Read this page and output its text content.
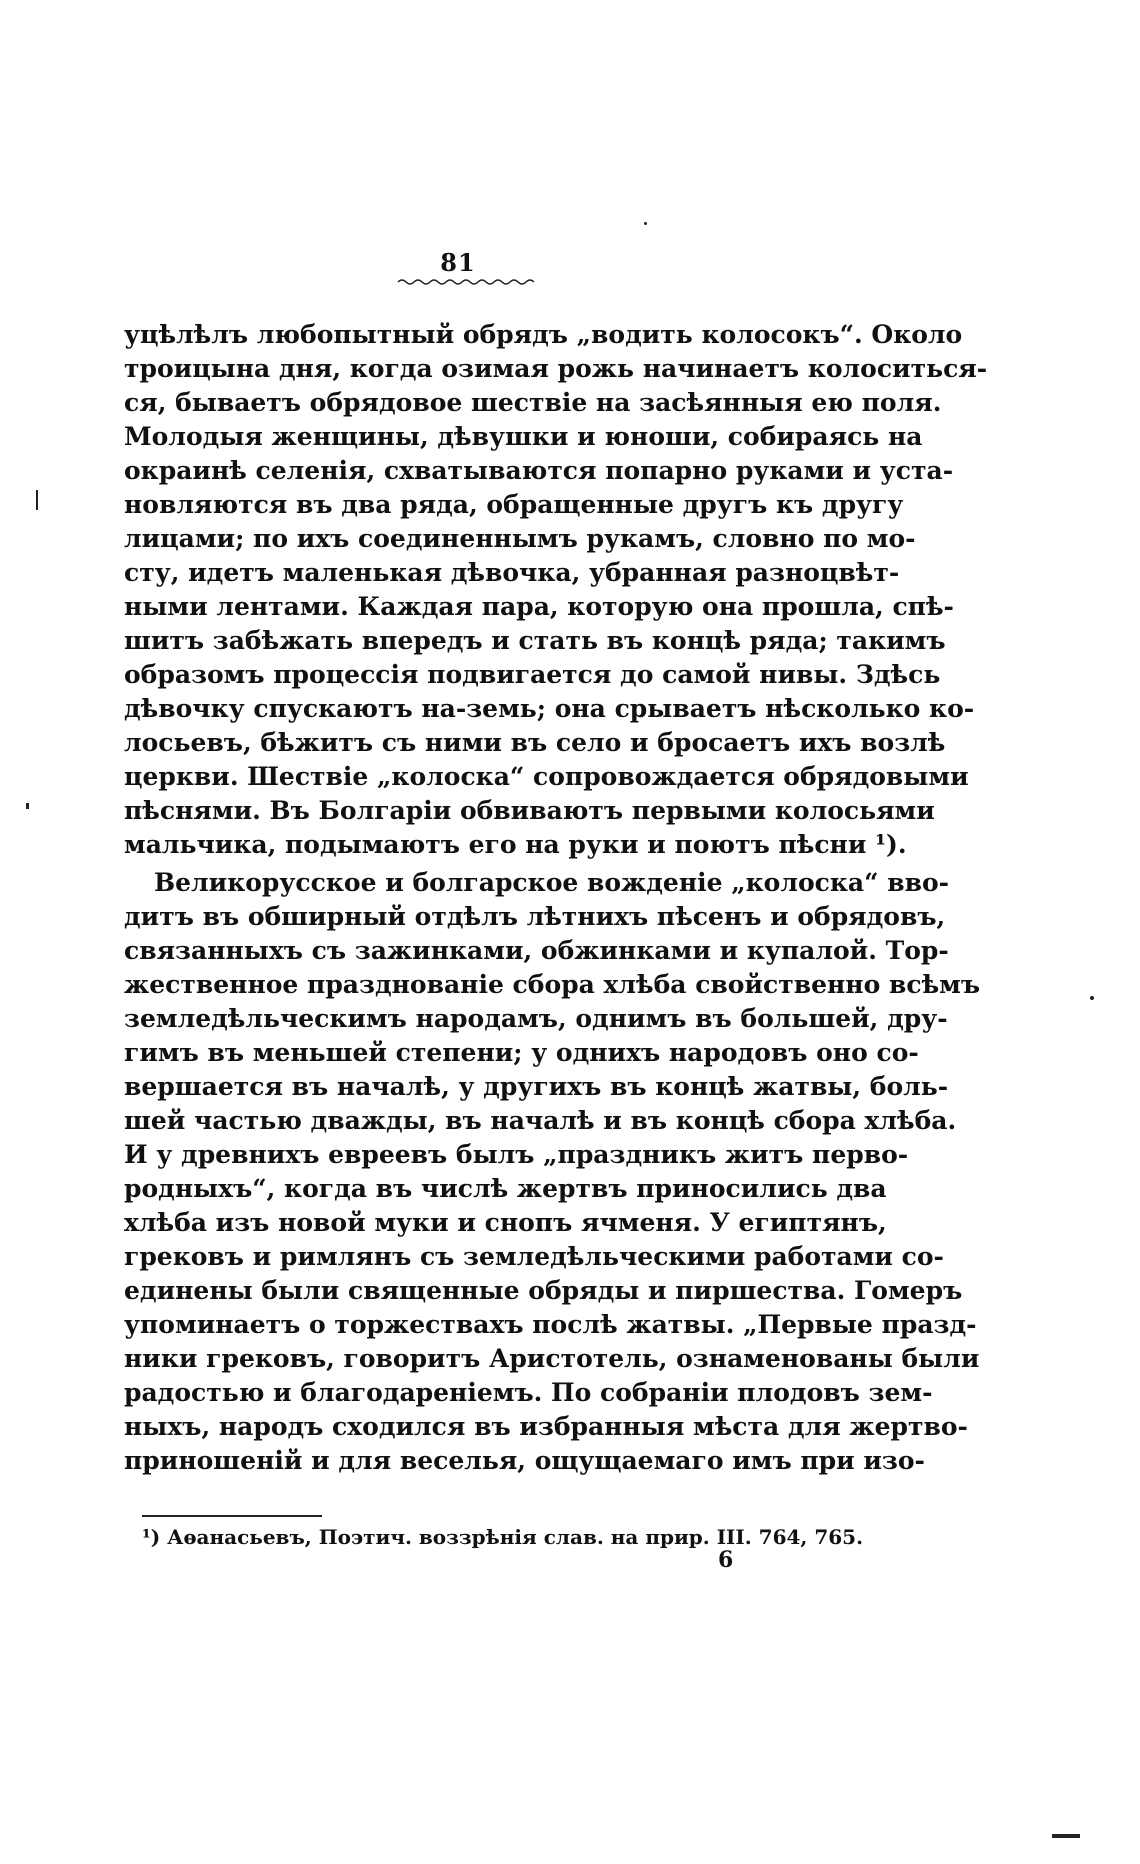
81
уцѣлѣлъ любопытный обрядъ „водить колосокъ“. Около
троицына дня, когда озимая рожь начинаетъ колоситься-
ся, бываетъ обрядовое шествіе на засѣянныя ею поля.
Молодыя женщины, дѣвушки и юноши, собираясь на
окраинѣ селенія, схватываются попарно руками и уста-
новляются въ два ряда, обращенные другъ къ другу
лицами; по ихъ соединеннымъ рукамъ, словно по мо-
сту, идетъ маленькая дѣвочка, убранная разноцвѣт-
ными лентами. Каждая пара, которую она прошла, спѣ-
шитъ забѣжать впередъ и стать въ концѣ ряда; такимъ
образомъ процессія подвигается до самой нивы. Здѣсь
дѣвочку спускаютъ на-земь; она срываетъ нѣсколько ко-
лосьевъ, бѣжитъ съ ними въ село и бросаетъ ихъ возлѣ
церкви. Шествіе „колоска“ сопровождается обрядовыми
пѣснями. Въ Болгаріи обвиваютъ первыми колосьями
мальчика, подымаютъ его на руки и поютъ пѣсни ¹).
Великорусское и болгарское вожденіе „колоска“ вво-
дитъ въ обширный отдѣлъ лѣтнихъ пѣсенъ и обрядовъ,
связанныхъ съ зажинками, обжинками и купалой. Тор-
жественное празднованіе сбора хлѣба свойственно всѣмъ
земледѣльческимъ народамъ, однимъ въ большей, дру-
гимъ въ меньшей степени; у однихъ народовъ оно со-
вершается въ началѣ, у другихъ въ концѣ жатвы, боль-
шей частью дважды, въ началѣ и въ концѣ сбора хлѣба.
И у древнихъ евреевъ былъ „праздникъ житъ перво-
родныхъ“, когда въ числѣ жертвъ приносились два
хлѣба изъ новой муки и снопъ ячменя. У египтянъ,
грековъ и римлянъ съ земледѣльческими работами со-
единены были священные обряды и пиршества. Гомеръ
упоминаетъ о торжествахъ послѣ жатвы. „Первые празд-
ники грековъ, говоритъ Аристотель, ознаменованы были
радостью и благодареніемъ. По собраніи плодовъ зем-
ныхъ, народъ сходился въ избранныя мѣста для жертво-
приношеній и для веселья, ощущаемаго имъ при изо-
¹) Аѳанасьевъ, Поэтич. воззрѣнія слав. на прир. III. 764, 765.
6
